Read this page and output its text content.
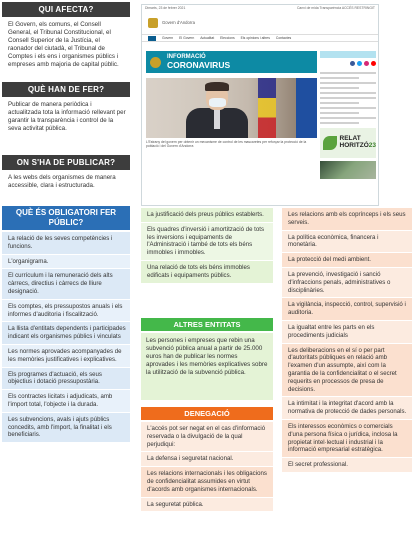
QUI AFECTA?

El Govern, els comuns, el Consell General, el Tribunal Constitucional, el Consell Superior de la Justícia, el raonador del ciutadà, el Tribunal de Comptes i els ens i organismes públics i empreses amb majoria de capital públic.

QUÈ HAN DE FER?

Publicar de manera periòdica i actualitzada tota la informació rellevant per garantir la transparència i control de la seva activitat pública.

ON S'HA DE PUBLICAR?

A les webs dels organismes de manera accessible, clara i estructurada.

QUÈ ÉS OBLIGATORI FER PÚBLIC?
La relació de les seves competències i funcions.
L'organigrama.
El currículum i la remuneració dels alts càrrecs, directius i càrrecs de lliure designació.
Els comptes, els pressupostos anuals i els informes d'auditoria i fiscalització.
La llista d'entitats dependents i participades indicant els organismes públics i vinculats
Les normes aprovades acompanyades de les memòries justificatives i explicatives.
Els programes d'actuació, els seus objectius i dotació pressupostària.
Els contractes licitats i adjudicats, amb l'import total, l'objecte i la durada.
Les subvencions, avals i ajuts públics concedits, amb l'import, la finalitat i els beneficiaris.
Dimarts, 23 de febrer 2021	Canvi de mida Transparència ACCÉS RESTRINGIT
Govern d'Andorra
Govern El Govern Actualitat Eleccions Els opinions i altres Contactes
INFORMACIÓ
CORONAVIRUS
L'Estrany del govern per obtenir un mecanisme de control de les mascaretes per reforçar la protecció de la població i del Govern d'Andorra
RELAT
HORITZÓ23
La justificació dels preus públics establerts.
Els quadres d'inversió i amortització de tots les inversions i equipaments de l'Administració i també de tots els béns immobles i immobles.
Una relació de tots els béns immobles edificats i equipaments públics.
ALTRES ENTITATS

Les persones i empreses que rebin una subvenció pública anual a partir de 25.000 euros han de publicar les normes aprovades i les memòries explicatives sobre la utilització de la subvenció pública.

DENEGACIÓ
L'accés pot ser negat en el cas d'informació reservada o la divulgació de la qual perjudiqui:
La defensa i seguretat nacional.
Les relacions internacionals i les obligacions de confidencialitat assumides en virtut d'acords amb organismes internacionals.
La seguretat pública.
Les relacions amb els coprínceps i els seus serveis.
La política econòmica, financera i monetària.
La protecció del medi ambient.
La prevenció, investigació i sanció d'infraccions penals, administratives o disciplinàries.
La vigilància, inspecció, control, supervisió i auditoria.
La igualtat entre les parts en els procediments judicials
Les deliberacions en el sí o per part d'autoritats públiques en relació amb l'examen d'un assumpte, així com la garantia de la confidencialitat o el secret requerits en processos de presa de decisions.
La intimitat i la integritat d'acord amb la normativa de protecció de dades personals.
Els interessos econòmics o comercials d'una persona física o jurídica, inclosa la propietat intel·lectual i industrial i la informació empresarial estratègica.
El secret professional.
